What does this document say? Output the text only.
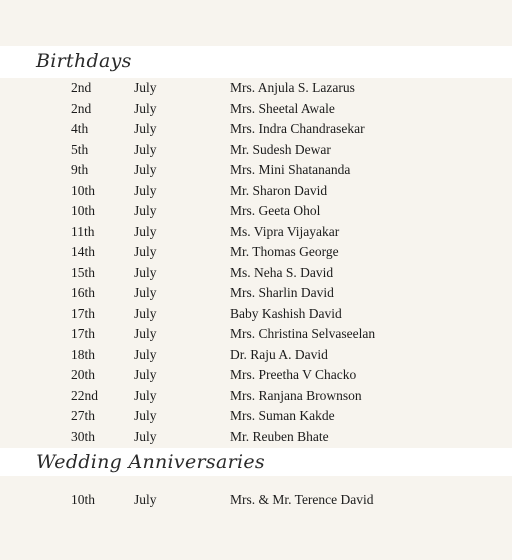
Birthdays
2nd	July	Mrs. Anjula S. Lazarus
2nd	July	Mrs. Sheetal Awale
4th	July	Mrs. Indra Chandrasekar
5th	July	Mr. Sudesh Dewar
9th	July	Mrs. Mini Shatananda
10th	July	Mr. Sharon David
10th	July	Mrs. Geeta Ohol
11th	July	Ms. Vipra Vijayakar
14th	July	Mr. Thomas George
15th	July	Ms. Neha S. David
16th	July	Mrs. Sharlin David
17th	July	Baby Kashish David
17th	July	Mrs. Christina Selvaseelan
18th	July	Dr. Raju A. David
20th	July	Mrs. Preetha V Chacko
22nd	July	Mrs. Ranjana Brownson
27th	July	Mrs. Suman Kakde
30th	July	Mr. Reuben Bhate
Wedding Anniversaries
10th	July	Mrs. & Mr. Terence David
